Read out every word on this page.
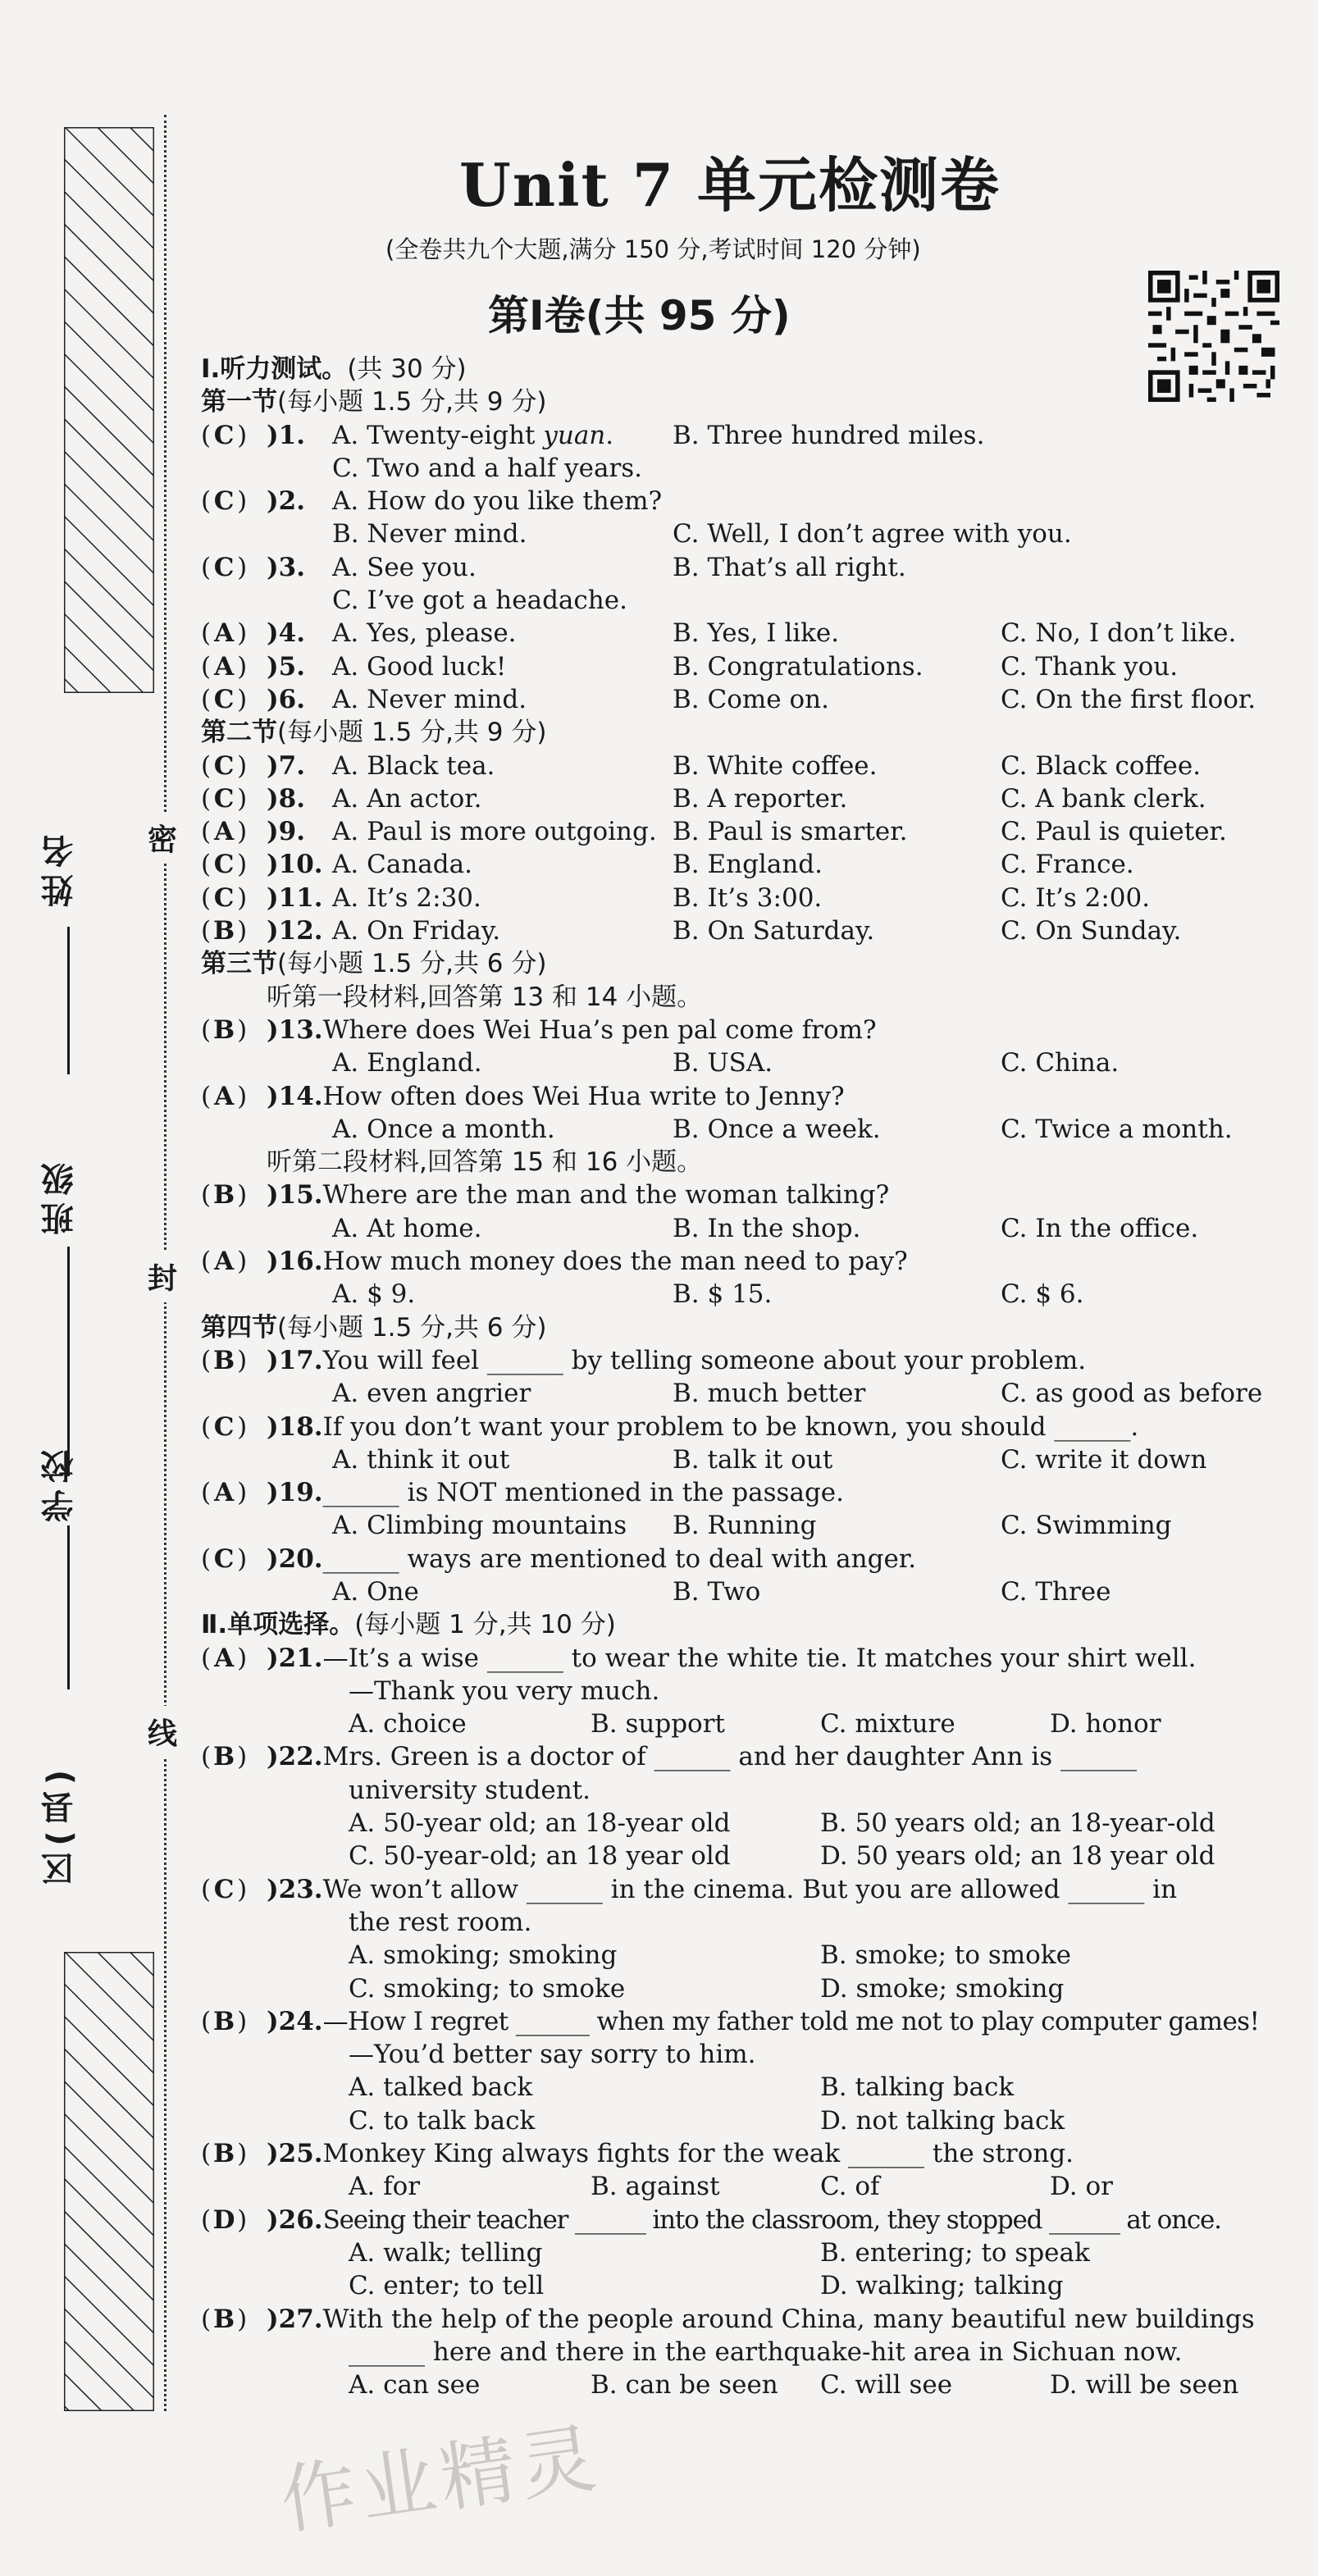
姓名
班级
学校
区(县)
密
封
线
Unit 7 单元检测卷
(全卷共九个大题,满分 150 分,考试时间 120 分钟)
第Ⅰ卷(共 95 分)
Ⅰ.听力测试。(共 30 分)
第一节(每小题 1.5 分,共 9 分)
( C ) )1. A. Twenty-eight yuan. B. Three hundred miles.
C. Two and a half years.
( C ) )2. A. How do you like them?
B. Never mind.	C. Well, I don’t agree with you.
( C ) )3. A. See you.	B. That’s all right.
C. I’ve got a headache.
( A ) )4. A. Yes, please.	B. Yes, I like.	C. No, I don’t like.
( A ) )5. A. Good luck!	B. Congratulations.	C. Thank you.
( C ) )6. A. Never mind.	B. Come on.	C. On the first floor.
第二节(每小题 1.5 分,共 9 分)
( C ) )7. A. Black tea.	B. White coffee.	C. Black coffee.
( C ) )8. A. An actor.	B. A reporter.	C. A bank clerk.
( A ) )9. A. Paul is more outgoing. B. Paul is smarter.	C. Paul is quieter.
( C ) )10. A. Canada.	B. England.	C. France.
( C ) )11. A. It’s 2:30.	B. It’s 3:00.	C. It’s 2:00.
(B) )12. A. On Friday.	B. On Saturday.	C. On Sunday.
第三节(每小题 1.5 分,共 6 分)
听第一段材料,回答第 13 和 14 小题。
(B) )13.Where does Wei Hua’s pen pal come from?
A. England.	B. USA.	C. China.
( A ) )14.How often does Wei Hua write to Jenny?
A. Once a month.	B. Once a week.	C. Twice a month.
听第二段材料,回答第 15 和 16 小题。
(B) )15.Where are the man and the woman talking?
A. At home.	B. In the shop.	C. In the office.
( A ) )16.How much money does the man need to pay?
A. $ 9.	B. $ 15.	C. $ 6.
第四节(每小题 1.5 分,共 6 分)
(B) )17.You will feel ______ by telling someone about your problem.
A. even angrier	B. much better	C. as good as before
( C ) )18.If you don’t want your problem to be known, you should ______.
A. think it out	B. talk it out	C. write it down
( A ) )19.______ is NOT mentioned in the passage.
A. Climbing mountains B. Running	C. Swimming
( C ) )20.______ ways are mentioned to deal with anger.
A. One	B. Two	C. Three
Ⅱ.单项选择。(每小题 1 分,共 10 分)
( A ) )21.—It’s a wise ______ to wear the white tie. It matches your shirt well.
—Thank you very much.
A. choice	B. support	C. mixture	D. honor
(B) )22.Mrs. Green is a doctor of ______ and her daughter Ann is ______
university student.
A. 50-year old; an 18-year old	B. 50 years old; an 18-year-old
C. 50-year-old; an 18 year old	D. 50 years old; an 18 year old
( C ) )23.We won’t allow ______ in the cinema. But you are allowed ______ in
the rest room.
A. smoking; smoking	B. smoke; to smoke
C. smoking; to smoke	D. smoke; smoking
(B) )24.—How I regret ______ when my father told me not to play computer games!
—You’d better say sorry to him.
A. talked back	B. talking back
C. to talk back	D. not talking back
(B) )25.Monkey King always fights for the weak ______ the strong.
A. for	B. against	C. of	D. or
(D) )26.Seeing their teacher ______ into the classroom, they stopped ______ at once.
A. walk; telling	B. entering; to speak
C. enter; to tell	D. walking; talking
(B) )27.With the help of the people around China, many beautiful new buildings
______ here and there in the earthquake-hit area in Sichuan now.
A. can see	B. can be seen C. will see	D. will be seen
作业精灵
